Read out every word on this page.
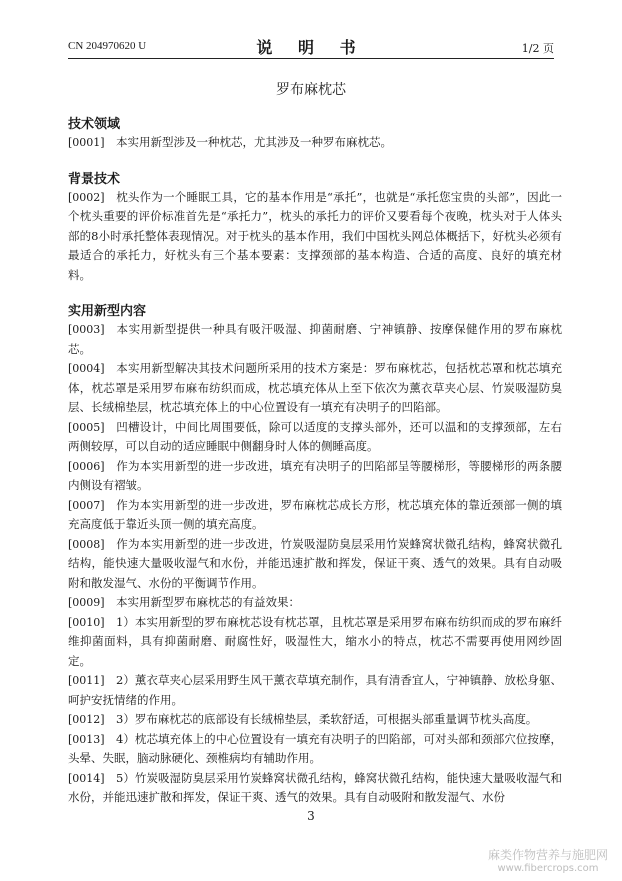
CN 204970620 U	说 明 书	1/2 页
罗布麻枕芯
技术领域
[0001] 本实用新型涉及一种枕芯，尤其涉及一种罗布麻枕芯。
背景技术
[0002] 枕头作为一个睡眠工具，它的基本作用是“承托”，也就是“承托您宝贵的头部”，因此一个枕头重要的评价标准首先是“承托力”，枕头的承托力的评价又要看每个夜晚，枕头对于人体头部的8小时承托整体表现情况。对于枕头的基本作用，我们中国枕头网总体概括下，好枕头必须有最适合的承托力，好枕头有三个基本要素：支撑颈部的基本构造、合适的高度、良好的填充材料。
实用新型内容
[0003] 本实用新型提供一种具有吸汗吸湿、抑菌耐磨、宁神镇静、按摩保健作用的罗布麻枕芯。
[0004] 本实用新型解决其技术问题所采用的技术方案是：罗布麻枕芯，包括枕芯罩和枕芯填充体，枕芯罩是采用罗布麻布纺织而成，枕芯填充体从上至下依次为薰衣草夹心层、竹炭吸湿防臭层、长绒棉垫层，枕芯填充体上的中心位置设有一填充有决明子的凹陷部。
[0005] 凹槽设计，中间比周围要低，除可以适度的支撑头部外，还可以温和的支撑颈部，左右两侧较厚，可以自动的适应睡眠中侧翻身时人体的侧睡高度。
[0006] 作为本实用新型的进一步改进，填充有决明子的凹陷部呈等腰梯形，等腰梯形的两条腰内侧设有褶皱。
[0007] 作为本实用新型的进一步改进，罗布麻枕芯成长方形，枕芯填充体的靠近颈部一侧的填充高度低于靠近头顶一侧的填充高度。
[0008] 作为本实用新型的进一步改进，竹炭吸湿防臭层采用竹炭蜂窝状微孔结构，蜂窝状微孔结构，能快速大量吸收湿气和水份，并能迅速扩散和挥发，保证干爽、透气的效果。具有自动吸附和散发湿气、水份的平衡调节作用。
[0009] 本实用新型罗布麻枕芯的有益效果：
[0010] 1）本实用新型的罗布麻枕芯设有枕芯罩，且枕芯罩是采用罗布麻布纺织而成的罗布麻纤维抑菌面料，具有抑菌耐磨、耐腐性好，吸湿性大，缩水小的特点，枕芯不需要再使用网纱固定。
[0011] 2）薰衣草夹心层采用野生风干薰衣草填充制作，具有清香宜人，宁神镇静、放松身躯、呵护安抚情绪的作用。
[0012] 3）罗布麻枕芯的底部设有长绒棉垫层，柔软舒适，可根据头部重量调节枕头高度。
[0013] 4）枕芯填充体上的中心位置设有一填充有决明子的凹陷部，可对头部和颈部穴位按摩，头晕、失眠，脑动脉硬化、颈椎病均有辅助作用。
[0014] 5）竹炭吸湿防臭层采用竹炭蜂窝状微孔结构，蜂窝状微孔结构，能快速大量吸收湿气和水份，并能迅速扩散和挥发，保证干爽、透气的效果。具有自动吸附和散发湿气、水份
3
麻类作物营养与施肥网
www.fibercrops.com
